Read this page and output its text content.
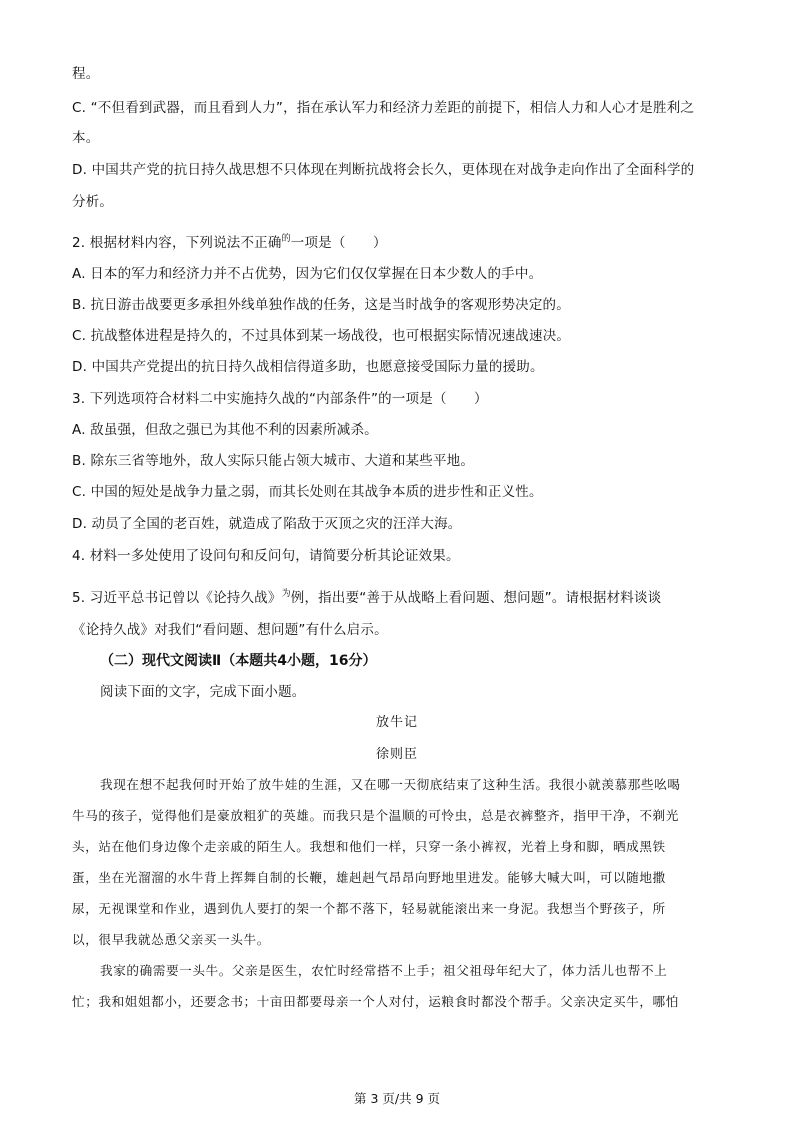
程。
C. “不但看到武器，而且看到人力”，指在承认军力和经济力差距的前提下，相信人力和人心才是胜利之
本。
D. 中国共产党的抗日持久战思想不只体现在判断抗战将会长久，更体现在对战争走向作出了全面科学的
分析。
2. 根据材料内容，下列说法不正确$^的$一项是（　　）
A. 日本的军力和经济力并不占优势，因为它们仅仅掌握在日本少数人的手中。
B. 抗日游击战要更多承担外线单独作战的任务，这是当时战争的客观形势决定的。
C. 抗战整体进程是持久的，不过具体到某一场战役，也可根据实际情况速战速决。
D. 中国共产党提出的抗日持久战相信得道多助，也愿意接受国际力量的援助。
3. 下列选项符合材料二中实施持久战的“内部条件”的一项是（　　）
A. 敌虽强，但敌之强已为其他不利的因素所减杀。
B. 除东三省等地外，敌人实际只能占领大城市、大道和某些平地。
C. 中国的短处是战争力量之弱，而其长处则在其战争本质的进步性和正义性。
D. 动员了全国的老百姓，就造成了陷敌于灭顶之灾的汪洋大海。
4. 材料一多处使用了设问句和反问句，请简要分析其论证效果。
5. 习近平总书记曾以《论持久战》$^为$例，指出要“善于从战略上看问题、想问题”。请根据材料谈谈
《论持久战》对我们“看问题、想问题”有什么启示。
（二）现代文阅读Ⅱ（本题共4小题，16分）
阅读下面的文字，完成下面小题。
放牛记
徐则臣
我现在想不起我何时开始了放牛娃的生涯，又在哪一天彻底结束了这种生活。我很小就羡慕那些吆喝
牛马的孩子，觉得他们是豪放粗犷的英雄。而我只是个温顺的可怜虫，总是衣裤整齐，指甲干净，不剃光
头，站在他们身边像个走亲戚的陌生人。我想和他们一样，只穿一条小裤衩，光着上身和脚，晒成黑铁
蛋，坐在光溜溜的水牛背上挥舞自制的长鞭，雄赳赳气昂昂向野地里进发。能够大喊大叫，可以随地撒
尿，无视课堂和作业，遇到仇人要打的架一个都不落下，轻易就能滚出来一身泥。我想当个野孩子，所
以，很早我就怂恿父亲买一头牛。
我家的确需要一头牛。父亲是医生，农忙时经常搭不上手；祖父祖母年纪大了，体力活儿也帮不上
忙；我和姐姐都小，还要念书；十亩田都要母亲一个人对付，运粮食时都没个帮手。父亲决定买牛，哪怕
第 3 页/共 9 页
